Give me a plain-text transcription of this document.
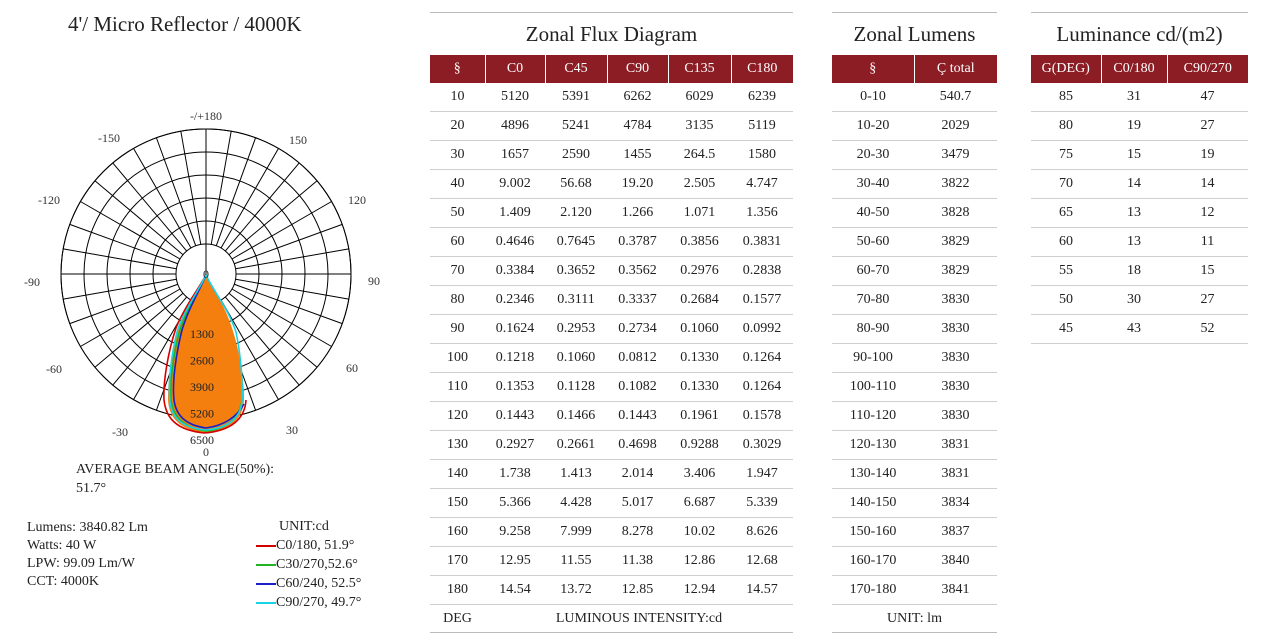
4'/ Micro Reflector / 4000K
-/+180
150
120
90
60
30
0
-30
-60
-90
-120
-150
0
1300
2600
3900
5200
6500
AVERAGE BEAM ANGLE(50%):
51.7°
Lumens: 3840.82 Lm
Watts: 40 W
LPW: 99.09 Lm/W
CCT: 4000K
UNIT:cd
C0/180, 51.9°
C30/270,52.6°
C60/240, 52.5°
C90/270, 49.7°
Zonal Flux Diagram
§	C0	C45	C90	C135	C180
10	5120	5391	6262	6029	6239
20	4896	5241	4784	3135	5119
30	1657	2590	1455	264.5	1580
40	9.002	56.68	19.20	2.505	4.747
50	1.409	2.120	1.266	1.071	1.356
60	0.4646	0.7645	0.3787	0.3856	0.3831
70	0.3384	0.3652	0.3562	0.2976	0.2838
80	0.2346	0.3111	0.3337	0.2684	0.1577
90	0.1624	0.2953	0.2734	0.1060	0.0992
100	0.1218	0.1060	0.0812	0.1330	0.1264
110	0.1353	0.1128	0.1082	0.1330	0.1264
120	0.1443	0.1466	0.1443	0.1961	0.1578
130	0.2927	0.2661	0.4698	0.9288	0.3029
140	1.738	1.413	2.014	3.406	1.947
150	5.366	4.428	5.017	6.687	5.339
160	9.258	7.999	8.278	10.02	8.626
170	12.95	11.55	11.38	12.86	12.68
180	14.54	13.72	12.85	12.94	14.57
DEG	LUMINOUS INTENSITY:cd				
Zonal Lumens
§	Ç total
0-10	540.7
10-20	2029
20-30	3479
30-40	3822
40-50	3828
50-60	3829
60-70	3829
70-80	3830
80-90	3830
90-100	3830
100-110	3830
110-120	3830
120-130	3831
130-140	3831
140-150	3834
150-160	3837
160-170	3840
170-180	3841
UNIT: lm	
Luminance cd/(m2)
G(DEG)	C0/180	C90/270
85	31	47
80	19	27
75	15	19
70	14	14
65	13	12
60	13	11
55	18	15
50	30	27
45	43	52
